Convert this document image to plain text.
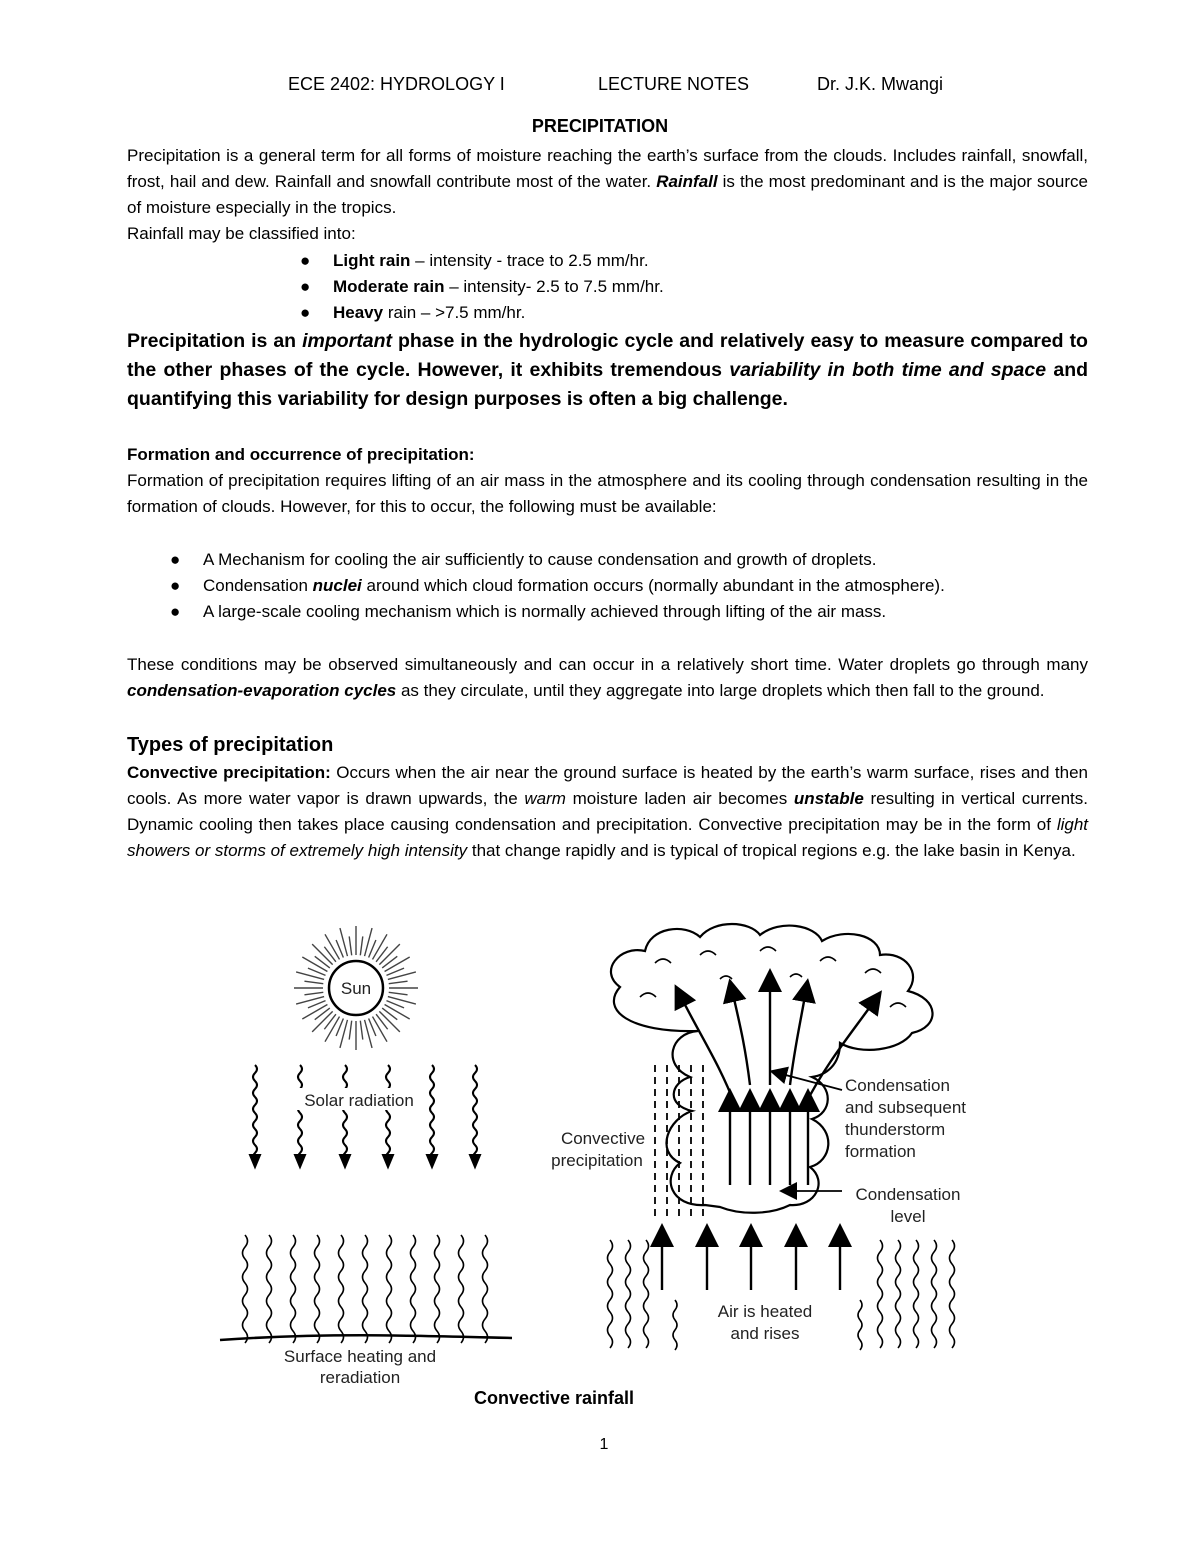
ECE 2402: HYDROLOGY I	LECTURE NOTES	Dr. J.K. Mwangi
PRECIPITATION
Precipitation is a general term for all forms of moisture reaching the earth’s surface from the clouds. Includes rainfall, snowfall, frost, hail and dew. Rainfall and snowfall contribute most of the water. Rainfall is the most predominant and is the major source of moisture especially in the tropics.
Rainfall may be classified into:
● Light rain – intensity - trace to 2.5 mm/hr.
● Moderate rain – intensity- 2.5 to 7.5 mm/hr.
● Heavy rain – >7.5 mm/hr.
Precipitation is an important phase in the hydrologic cycle and relatively easy to measure compared to the other phases of the cycle. However, it exhibits tremendous variability in both time and space and quantifying this variability for design purposes is often a big challenge.
Formation and occurrence of precipitation:
Formation of precipitation requires lifting of an air mass in the atmosphere and its cooling through condensation resulting in the formation of clouds. However, for this to occur, the following must be available:
● A Mechanism for cooling the air sufficiently to cause condensation and growth of droplets.
● Condensation nuclei around which cloud formation occurs (normally abundant in the atmosphere).
● A large-scale cooling mechanism which is normally achieved through lifting of the air mass.
These conditions may be observed simultaneously and can occur in a relatively short time. Water droplets go through many condensation-evaporation cycles as they circulate, until they aggregate into large droplets which then fall to the ground.
Types of precipitation
Convective precipitation: Occurs when the air near the ground surface is heated by the earth’s warm surface, rises and then cools. As more water vapor is drawn upwards, the warm moisture laden air becomes unstable resulting in vertical currents. Dynamic cooling then takes place causing condensation and precipitation. Convective precipitation may be in the form of light showers or storms of extremely high intensity that change rapidly and is typical of tropical regions e.g. the lake basin in Kenya.
Sun
Solar radiation
Surface heating and
reradiation
Air is heated
and rises
Convective
precipitation
Condensation
and subsequent
thunderstorm
formation
Condensation
level
Convective rainfall
1
